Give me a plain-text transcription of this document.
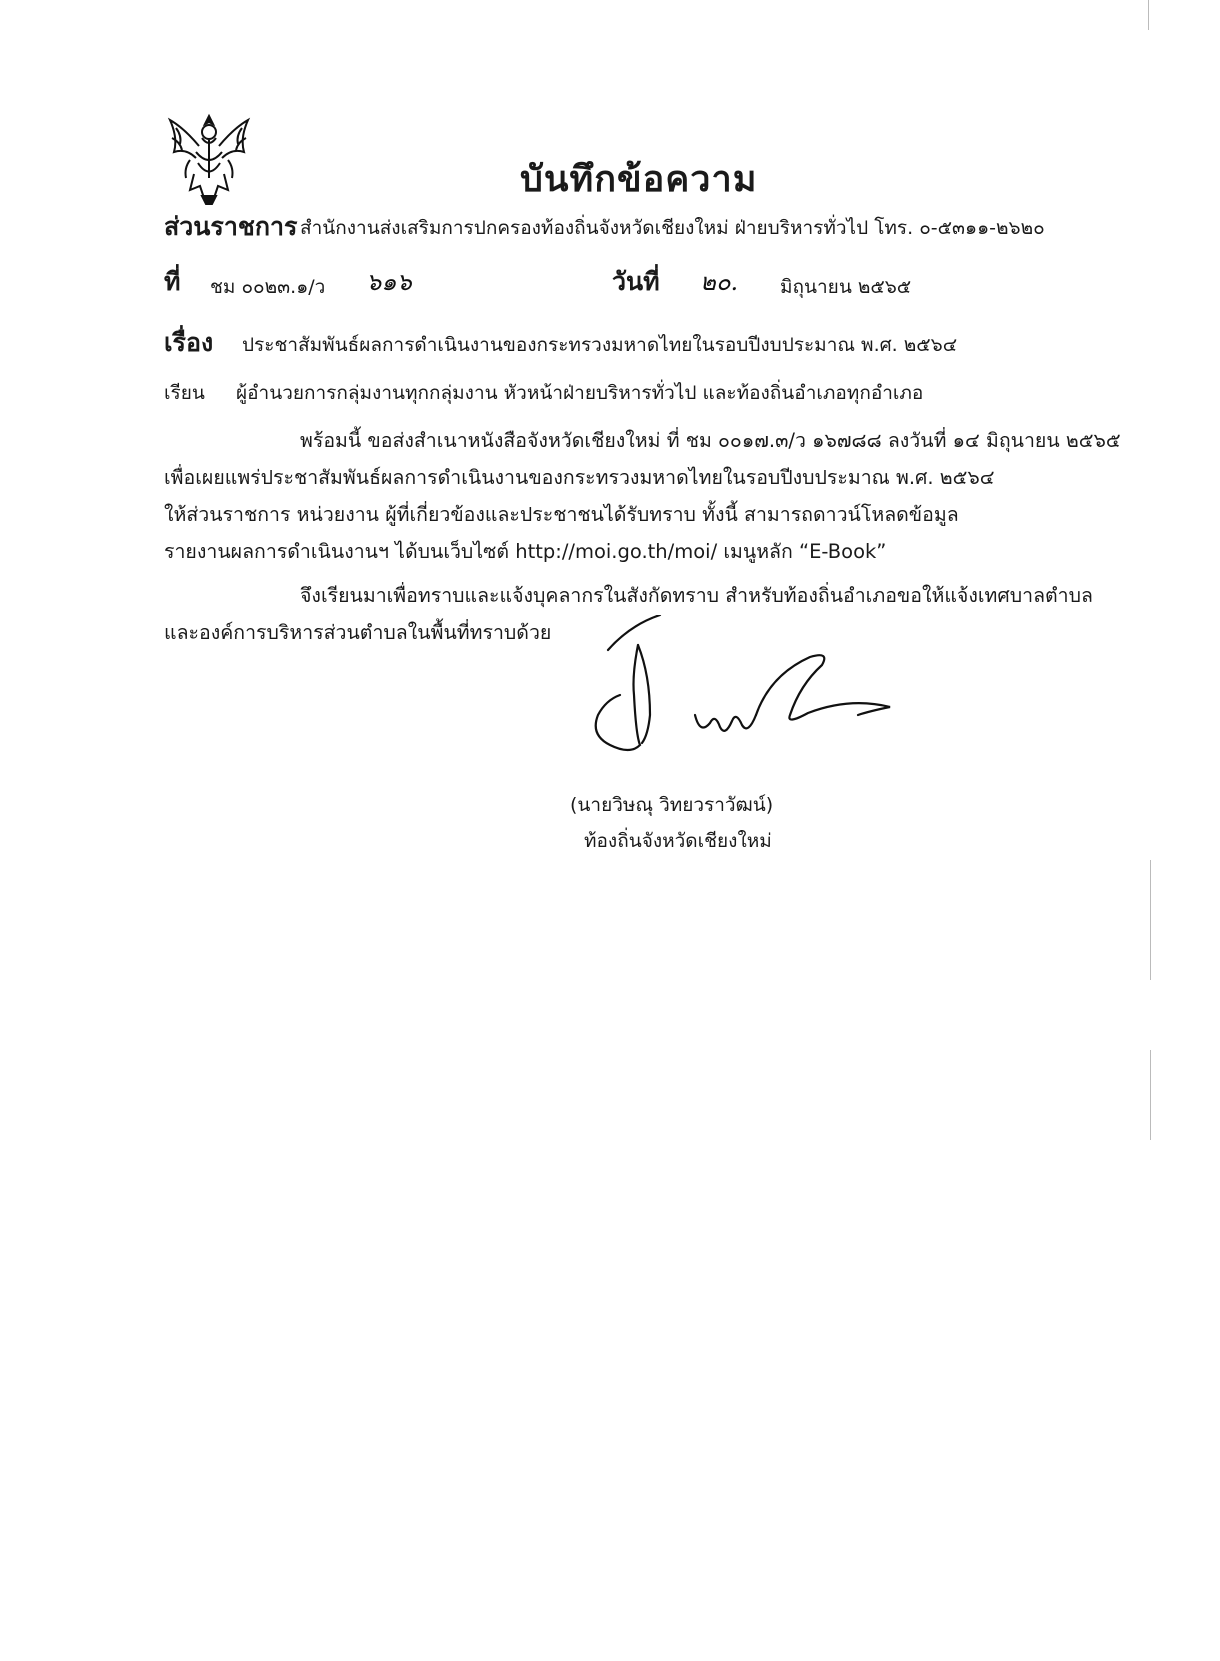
บันทึกข้อความ
ส่วนราชการ สำนักงานส่งเสริมการปกครองท้องถิ่นจังหวัดเชียงใหม่ ฝ่ายบริหารทั่วไป โทร. ๐-๕๓๑๑-๒๖๒๐
ที่ ชม ๐๐๒๓.๑/ว ๖๑๖	วันที่ ๒๐. มิถุนายน ๒๕๖๕
เรื่อง ประชาสัมพันธ์ผลการดำเนินงานของกระทรวงมหาดไทยในรอบปีงบประมาณ พ.ศ. ๒๕๖๔
เรียน ผู้อำนวยการกลุ่มงานทุกกลุ่มงาน หัวหน้าฝ่ายบริหารทั่วไป และท้องถิ่นอำเภอทุกอำเภอ
พร้อมนี้ ขอส่งสำเนาหนังสือจังหวัดเชียงใหม่ ที่ ชม ๐๐๑๗.๓/ว ๑๖๗๘๘ ลงวันที่ ๑๔ มิถุนายน ๒๕๖๕
เพื่อเผยแพร่ประชาสัมพันธ์ผลการดำเนินงานของกระทรวงมหาดไทยในรอบปีงบประมาณ พ.ศ. ๒๕๖๔
ให้ส่วนราชการ หน่วยงาน ผู้ที่เกี่ยวข้องและประชาชนได้รับทราบ ทั้งนี้ สามารถดาวน์โหลดข้อมูล
รายงานผลการดำเนินงานฯ ได้บนเว็บไซต์ http://moi.go.th/moi/ เมนูหลัก “E-Book”
จึงเรียนมาเพื่อทราบและแจ้งบุคลากรในสังกัดทราบ สำหรับท้องถิ่นอำเภอขอให้แจ้งเทศบาลตำบล
และองค์การบริหารส่วนตำบลในพื้นที่ทราบด้วย
(นายวิษณุ วิทยวราวัฒน์)
ท้องถิ่นจังหวัดเชียงใหม่
